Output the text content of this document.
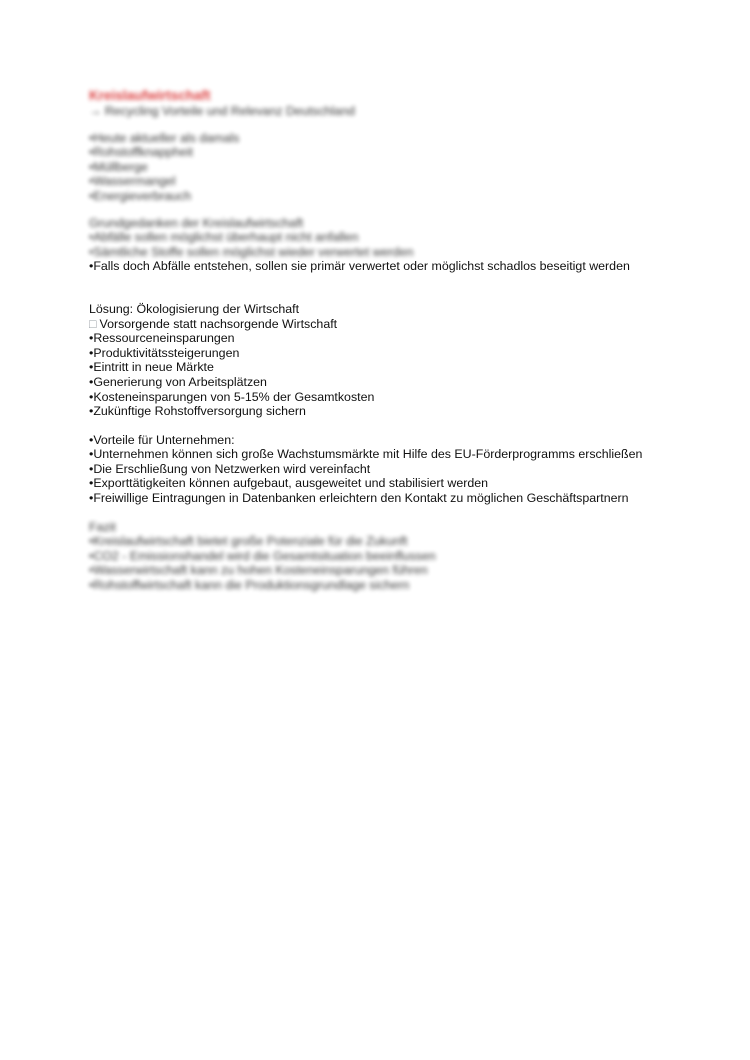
Kreislaufwirtschaft
→ Recycling Vorteile und Relevanz Deutschland
•Heute aktueller als damals
•Rohstoffknappheit
•Müllberge
•Wassermangel
•Energieverbrauch
Grundgedanken der Kreislaufwirtschaft
•Abfälle sollen möglichst überhaupt nicht anfallen
•Sämtliche Stoffe sollen möglichst wieder verwertet werden
•Falls doch Abfälle entstehen, sollen sie primär verwertet oder möglichst schadlos beseitigt werden
Lösung: Ökologisierung der Wirtschaft
□ Vorsorgende statt nachsorgende Wirtschaft
•Ressourceneinsparungen
•Produktivitätssteigerungen
•Eintritt in neue Märkte
•Generierung von Arbeitsplätzen
•Kosteneinsparungen von 5-15% der Gesamtkosten
•Zukünftige Rohstoffversorgung sichern
•Vorteile für Unternehmen:
•Unternehmen können sich große Wachstumsmärkte mit Hilfe des EU-Förderprogramms erschließen
•Die Erschließung von Netzwerken wird vereinfacht
•Exporttätigkeiten können aufgebaut, ausgeweitet und stabilisiert werden
•Freiwillige Eintragungen in Datenbanken erleichtern den Kontakt zu möglichen Geschäftspartnern
Fazit
•Kreislaufwirtschaft bietet große Potenziale für die Zukunft
•CO2 - Emissionshandel wird die Gesamtsituation beeinflussen
•Wasserwirtschaft kann zu hohen Kosteneinsparungen führen
•Rohstoffwirtschaft kann die Produktionsgrundlage sichern
